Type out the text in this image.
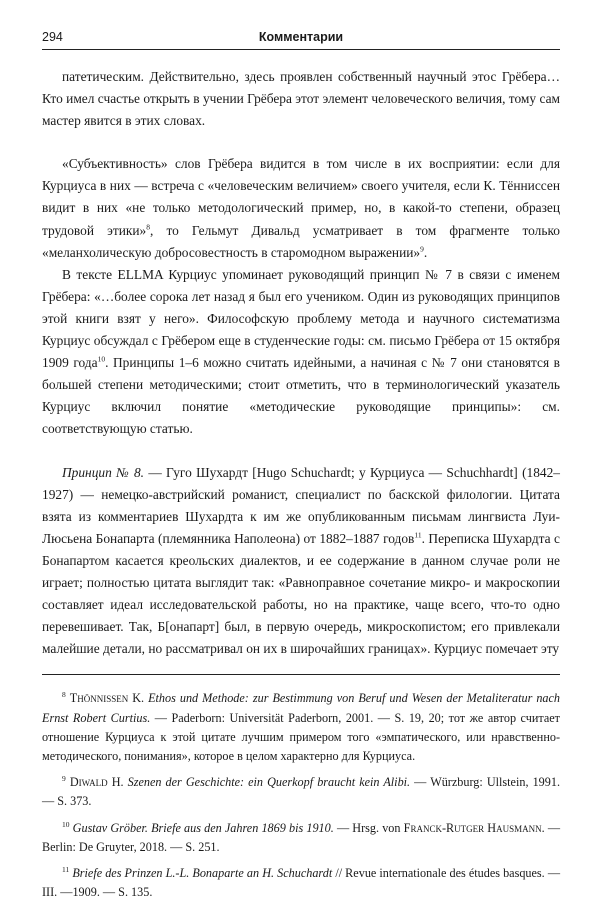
294	Комментарии

патетическим. Действительно, здесь проявлен собственный научный этос Грёбера… Кто имел счастье открыть в учении Грёбера этот элемент человеческого величия, тому сам мастер явится в этих словах.

«Субъективность» слов Грёбера видится в том числе в их восприятии: если для Курциуса в них — встреча с «человеческим величием» своего учителя, если К. Тённиссен видит в них «не только методологический пример, но, в какой-то степени, образец трудовой этики»$^8$, то Гельмут Дивальд усматривает в том фрагменте только «меланхолическую добросовестность в старомодном выражении»$^9$.

В тексте ELLMA Курциус упоминает руководящий принцип № 7 в связи с именем Грёбера: «…более сорока лет назад я был его учеником. Один из руководящих принципов этой книги взят у него». Философскую проблему метода и научного систематизма Курциус обсуждал с Грёбером еще в студенческие годы: см. письмо Грёбера от 15 октября 1909 года$^{10}$. Принципы 1–6 можно считать идейными, а начиная с № 7 они становятся в большей степени методическими; стоит отметить, что в терминологический указатель Курциус включил понятие «методические руководящие принципы»: см. соответствующую статью.

Принцип № 8. — Гуго Шухардт [Hugo Schuchardt; у Курциуса — Schuchhardt] (1842–1927) — немецко-австрийский романист, специалист по баскской филологии. Цитата взята из комментариев Шухардта к им же опубликованным письмам лингвиста Луи-Люсьена Бонапарта (племянника Наполеона) от 1882–1887 годов$^{11}$. Переписка Шухардта с Бонапартом касается креольских диалектов, и ее содержание в данном случае роли не играет; полностью цитата выглядит так: «Равноправное сочетание микро- и макроскопии составляет идеал исследовательской работы, но на практике, чаще всего, что-то одно перевешивает. Так, Б[онапарт] был, в первую очередь, микроскопистом; его привлекали малейшие детали, но рассматривал он их в широчайших границах». Курциус помечает эту

$^8$ Thönnissen K. Ethos und Methode: zur Bestimmung von Beruf und Wesen der Metaliteratur nach Ernst Robert Curtius. — Paderborn: Universität Paderborn, 2001. — S. 19, 20; тот же автор считает отношение Курциуса к этой цитате лучшим примером того «эмпатического, или нравственно-методического, понимания», которое в целом характерно для Курциуса.

$^9$ Diwald H. Szenen der Geschichte: ein Querkopf braucht kein Alibi. — Würzburg: Ullstein, 1991. — S. 373.

$^{10}$ Gustav Gröber. Briefe aus den Jahren 1869 bis 1910. — Hrsg. von Franck-Rutger Hausmann. — Berlin: De Gruyter, 2018. — S. 251.

$^{11}$ Briefe des Prinzen L.-L. Bonaparte an H. Schuchardt // Revue internationale des études basques. — III. —1909. — S. 135.
